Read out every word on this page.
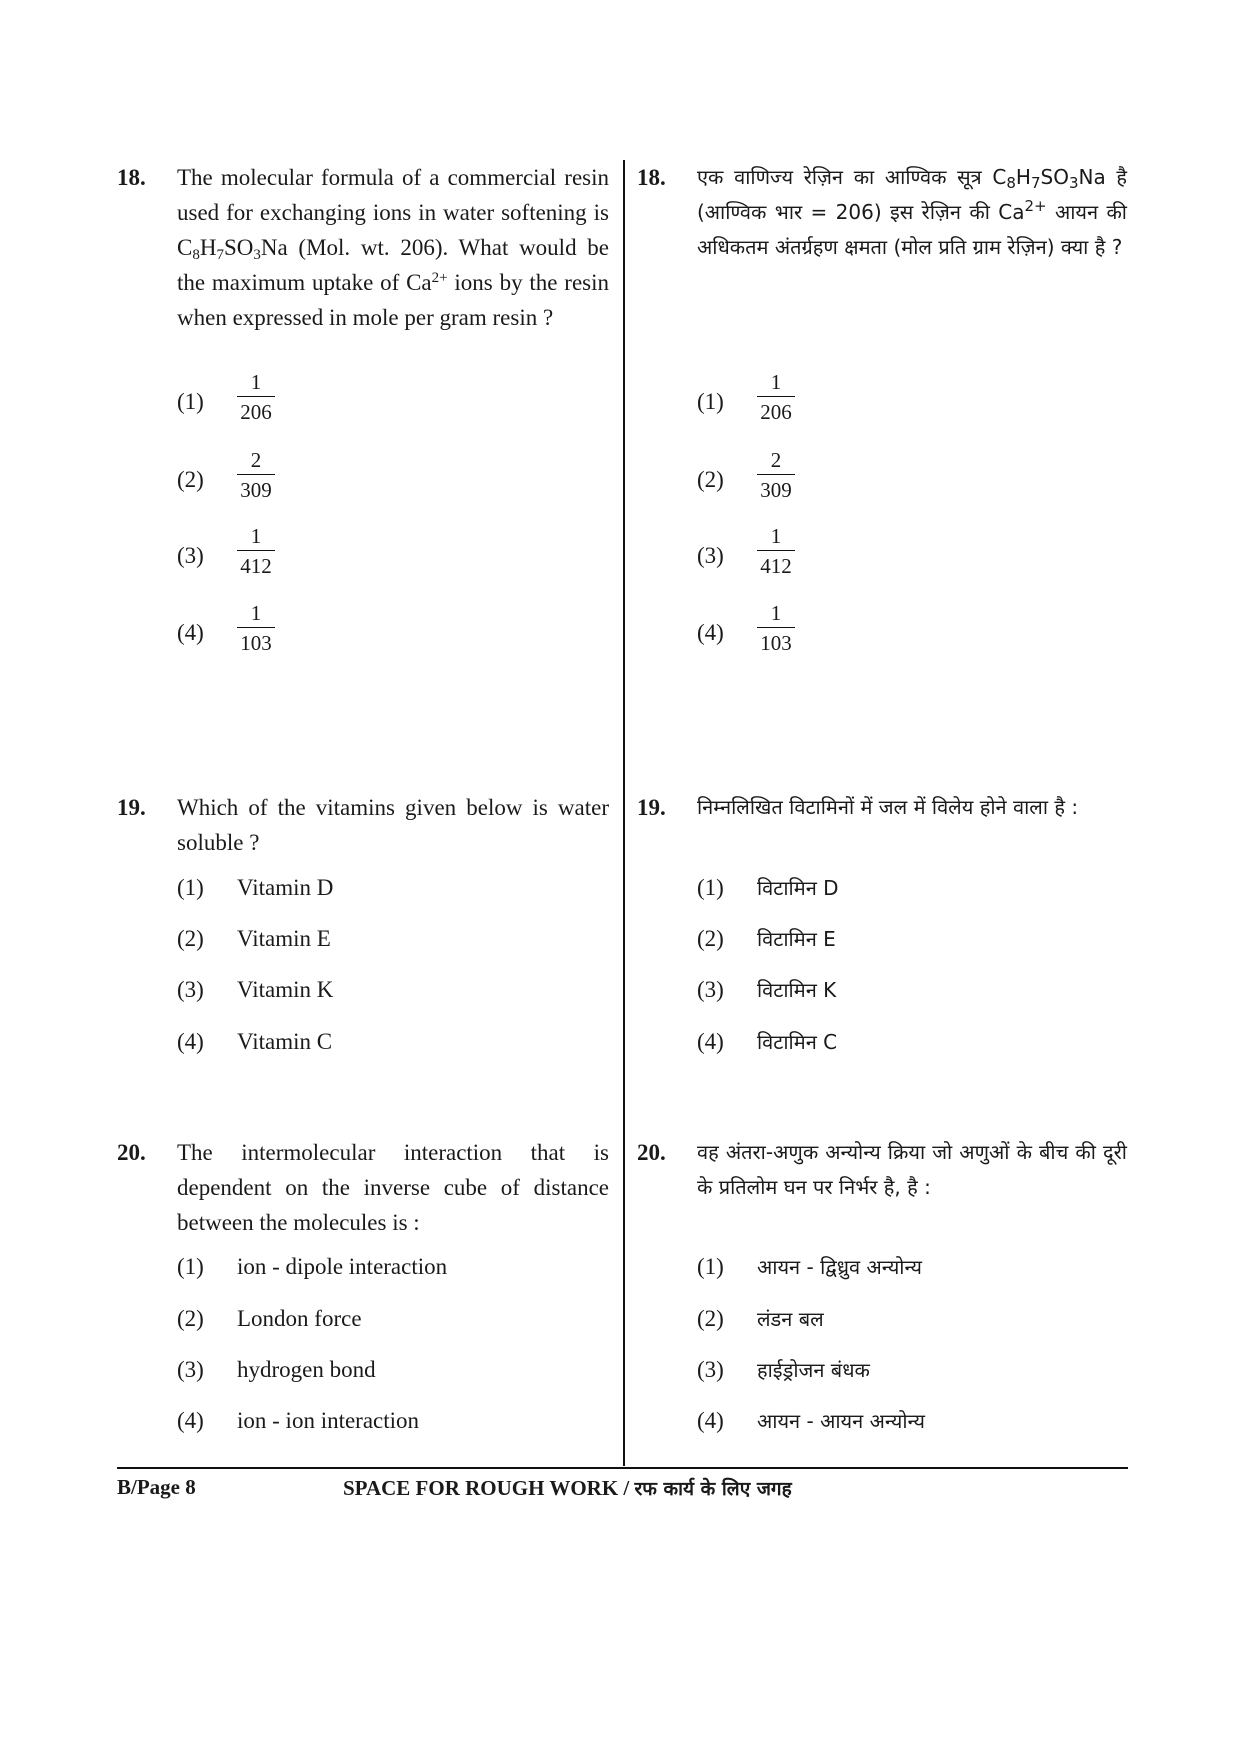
18. The molecular formula of a commercial resin used for exchanging ions in water softening is $C_8H_7SO_3Na$ (Mol. wt. 206). What would be the maximum uptake of $Ca^{2+}$ ions by the resin when expressed in mole per gram resin ?
(1)
1
206
(2)
2
309
(3)
1
412
(4)
1
103
19. Which of the vitamins given below is water soluble ?
(1) Vitamin D
(2) Vitamin E
(3) Vitamin K
(4) Vitamin C
20. The intermolecular interaction that is dependent on the inverse cube of distance between the molecules is :
(1) ion - dipole interaction
(2) London force
(3) hydrogen bond
(4) ion - ion interaction
18. एक वाणिज्य रेज़िन का आण्विक सूत्र $C_8H_7SO_3Na$ है (आण्विक भार = 206) इस रेज़िन की $Ca^{2+}$ आयन की अधिकतम अंतर्ग्रहण क्षमता (मोल प्रति ग्राम रेज़िन) क्या है ?
(1)
1
206
(2)
2
309
(3)
1
412
(4)
1
103
19. निम्नलिखित विटामिनों में जल में विलेय होने वाला है :
(1) विटामिन D
(2) विटामिन E
(3) विटामिन K
(4) विटामिन C
20. वह अंतरा-अणुक अन्योन्य क्रिया जो अणुओं के बीच की दूरी के प्रतिलोम घन पर निर्भर है, है :
(1) आयन - द्विध्रुव अन्योन्य
(2) लंडन बल
(3) हाईड्रोजन बंधक
(4) आयन - आयन अन्योन्य
B/Page 8	SPACE FOR ROUGH WORK / रफ कार्य के लिए जगह
